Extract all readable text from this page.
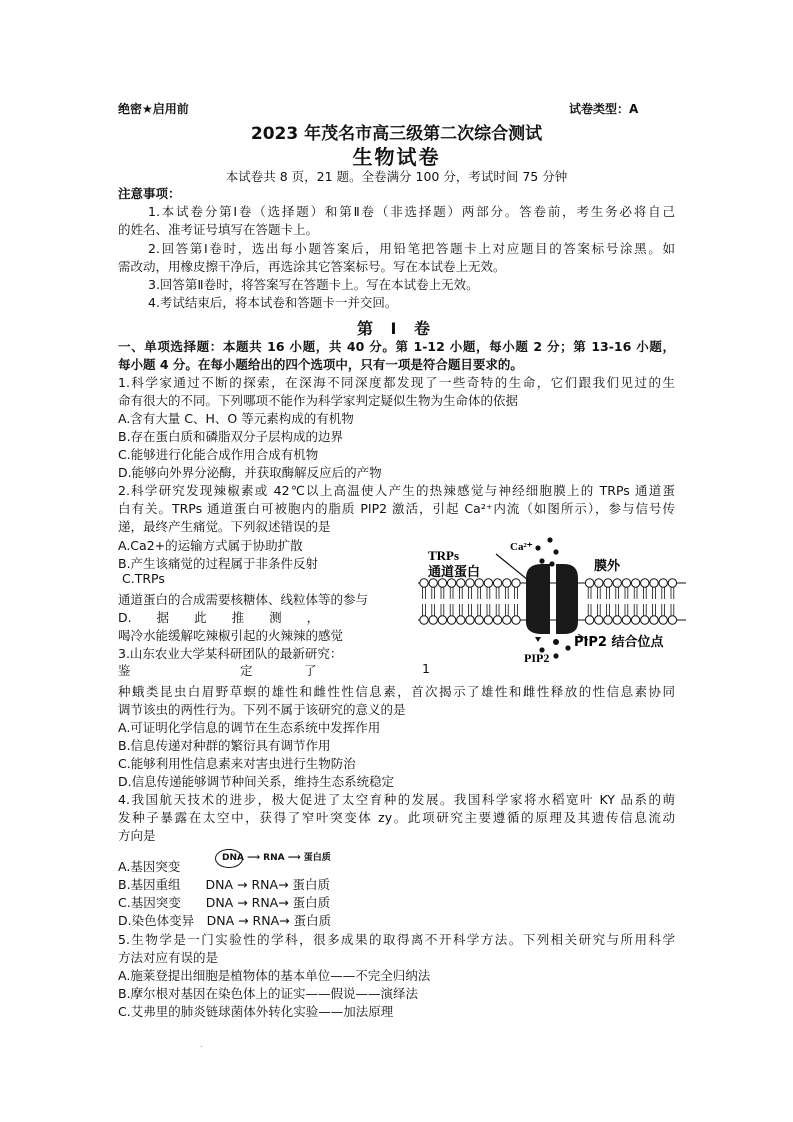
绝密★启用前	试卷类型：A
2023 年茂名市高三级第二次综合测试
生物试卷
本试卷共 8 页，21 题。全卷满分 100 分，考试时间 75 分钟
注意事项：
1.本试卷分第Ⅰ卷（选择题）和第Ⅱ卷（非选择题）两部分。答卷前，考生务必将自己
的姓名、准考证号填写在答题卡上。
2.回答第Ⅰ卷时，选出每小题答案后，用铅笔把答题卡上对应题目的答案标号涂黑。如
需改动，用橡皮擦干净后，再选涂其它答案标号。写在本试卷上无效。
3.回答第Ⅱ卷时，将答案写在答题卡上。写在本试卷上无效。
4.考试结束后，将本试卷和答题卡一并交回。
第 Ⅰ 卷
一、单项选择题：本题共 16 小题，共 40 分。第 1-12 小题，每小题 2 分；第 13-16 小题，
每小题 4 分。在每小题给出的四个选项中，只有一项是符合题目要求的。
1.科学家通过不断的探索，在深海不同深度都发现了一些奇特的生命，它们跟我们见过的生
命有很大的不同。下列哪项不能作为科学家判定疑似生物为生命体的依据
A.含有大量 C、H、O 等元素构成的有机物
B.存在蛋白质和磷脂双分子层构成的边界
C.能够进行化能合成作用合成有机物
D.能够向外界分泌酶，并获取酶解反应后的产物
2.科学研究发现辣椒素或 42℃以上高温使人产生的热辣感觉与神经细胞膜上的 TRPs 通道蛋
白有关。TRPs 通道蛋白可被胞内的脂质 PIP2 激活，引起 Ca²⁺内流（如图所示），参与信号传
递，最终产生痛觉。下列叙述错误的是
A.Ca2+的运输方式属于协助扩散
B.产生该痛觉的过程属于非条件反射
C.TRPs
通道蛋白的合成需要核糖体、线粒体等的参与
D.　　据　　此　　推　　测　　，
喝冷水能缓解吃辣椒引起的火辣辣的感觉
TRPs
通道蛋白
Ca²⁺
膜外
PIP2 结合位点
PIP2
3.山东农业大学某科研团队的最新研究：
鉴	定	了	1
种蛾类昆虫白眉野草螟的雄性和雌性性信息素，首次揭示了雄性和雌性释放的性信息素协同
调节该虫的两性行为。下列不属于该研究的意义的是
A.可证明化学信息的调节在生态系统中发挥作用
B.信息传递对种群的繁衍具有调节作用
C.能够利用性信息素来对害虫进行生物防治
D.信息传递能够调节种间关系，维持生态系统稳定
4.我国航天技术的进步，极大促进了太空育种的发展。我国科学家将水稻宽叶 KY 品系的萌
发种子暴露在太空中，获得了窄叶突变体 zy。此项研究主要遵循的原理及其遗传信息流动
方向是
A.基因突变
DNA ⟶ RNA ⟶ 蛋白质
B.基因重组　　DNA → RNA→ 蛋白质
C.基因突变　　DNA → RNA→ 蛋白质
D.染色体变异　DNA → RNA→ 蛋白质
5.生物学是一门实验性的学科，很多成果的取得离不开科学方法。下列相关研究与所用科学
方法对应有误的是
A.施莱登提出细胞是植物体的基本单位——不完全归纳法
B.摩尔根对基因在染色体上的证实——假说——演绎法
C.艾弗里的肺炎链球菌体外转化实验——加法原理
.
